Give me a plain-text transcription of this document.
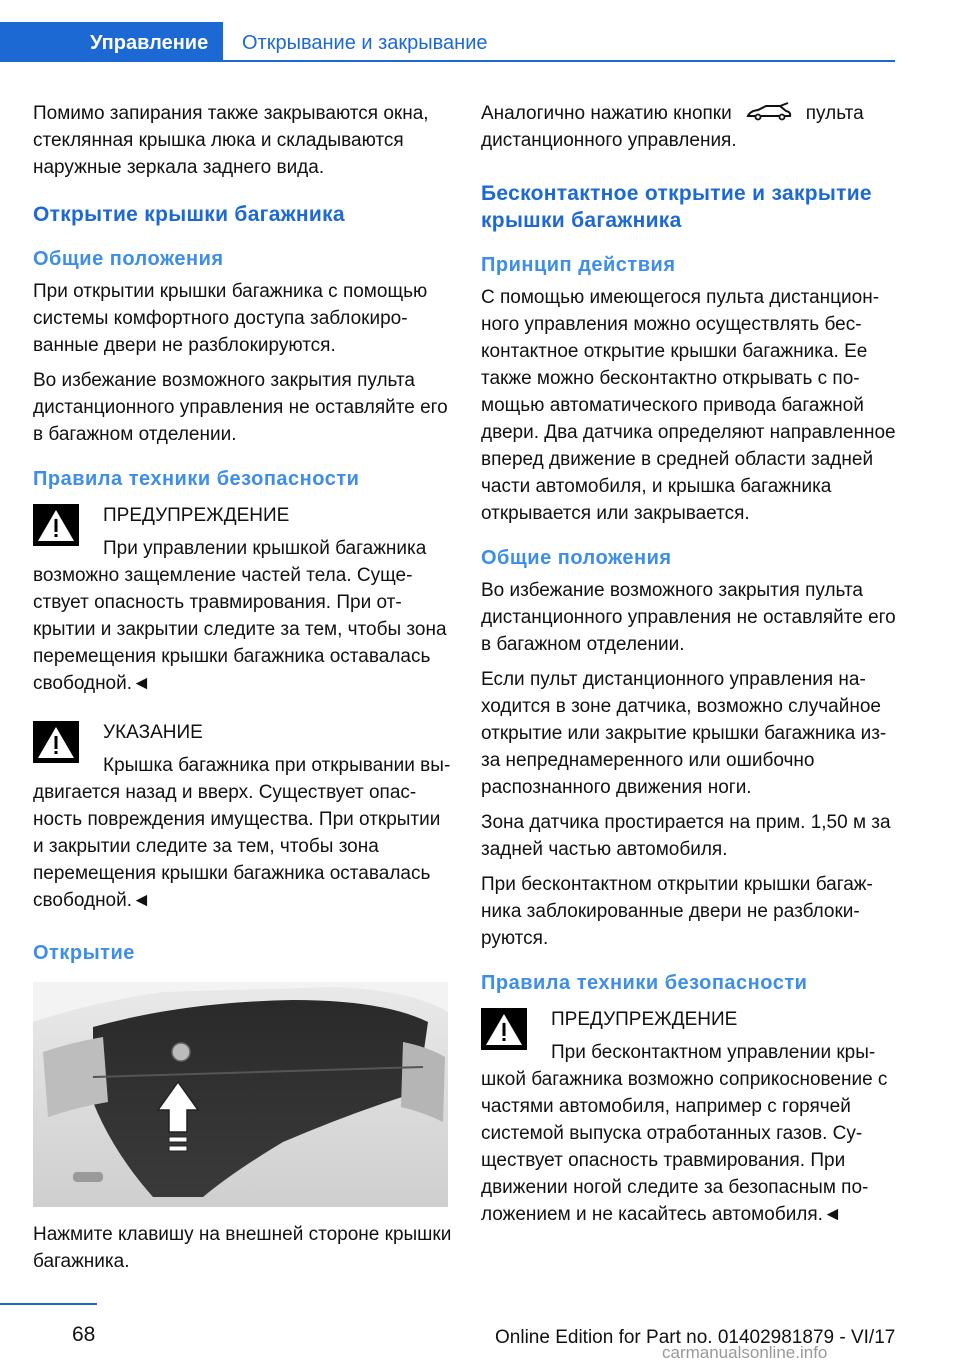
Управление	Открывание и закрывание

Помимо запирания также закрываются окна, стеклянная крышка люка и складываются наружные зеркала заднего вида.

Открытие крышки багажника
Общие положения

При открытии крышки багажника с помощью системы комфортного доступа заблокированные двери не разблокируются.

Во избежание возможного закрытия пульта дистанционного управления не оставляйте его в багажном отделении.

Правила техники безопасности
ПРЕДУПРЕЖДЕНИЕ

При управлении крышкой багажника возможно защемление частей тела. Существует опасность травмирования. При открытии и закрытии следите за тем, чтобы зона перемещения крышки багажника оставалась свободной.◄

УКАЗАНИЕ

Крышка багажника при открывании выдвигается назад и вверх. Существует опасность повреждения имущества. При открытии и закрытии следите за тем, чтобы зона перемещения крышки багажника оставалась свободной.◄

Открытие

Нажмите клавишу на внешней стороне крышки багажника.

Аналогично нажатию кнопки	пульта дистанционного управления.

Бесконтактное открытие и закрытие крышки багажника
Принцип действия

С помощью имеющегося пульта дистанционного управления можно осуществлять бесконтактное открытие крышки багажника. Ее также можно бесконтактно открывать с помощью автоматического привода багажной двери. Два датчика определяют направленное вперед движение в средней области задней части автомобиля, и крышка багажника открывается или закрывается.

Общие положения

Во избежание возможного закрытия пульта дистанционного управления не оставляйте его в багажном отделении.

Если пульт дистанционного управления находится в зоне датчика, возможно случайное открытие или закрытие крышки багажника из-за непреднамеренного или ошибочно распознанного движения ноги.

Зона датчика простирается на прим. 1,50 м за задней частью автомобиля.

При бесконтактном открытии крышки багажника заблокированные двери не разблокируются.

Правила техники безопасности
ПРЕДУПРЕЖДЕНИЕ

При бесконтактном управлении крышкой багажника возможно соприкосновение с частями автомобиля, например с горячей системой выпуска отработанных газов. Существует опасность травмирования. При движении ногой следите за безопасным положением и не касайтесь автомобиля.◄

68	Online Edition for Part no. 01402981879 - VI/17
carmanualsonline.info
